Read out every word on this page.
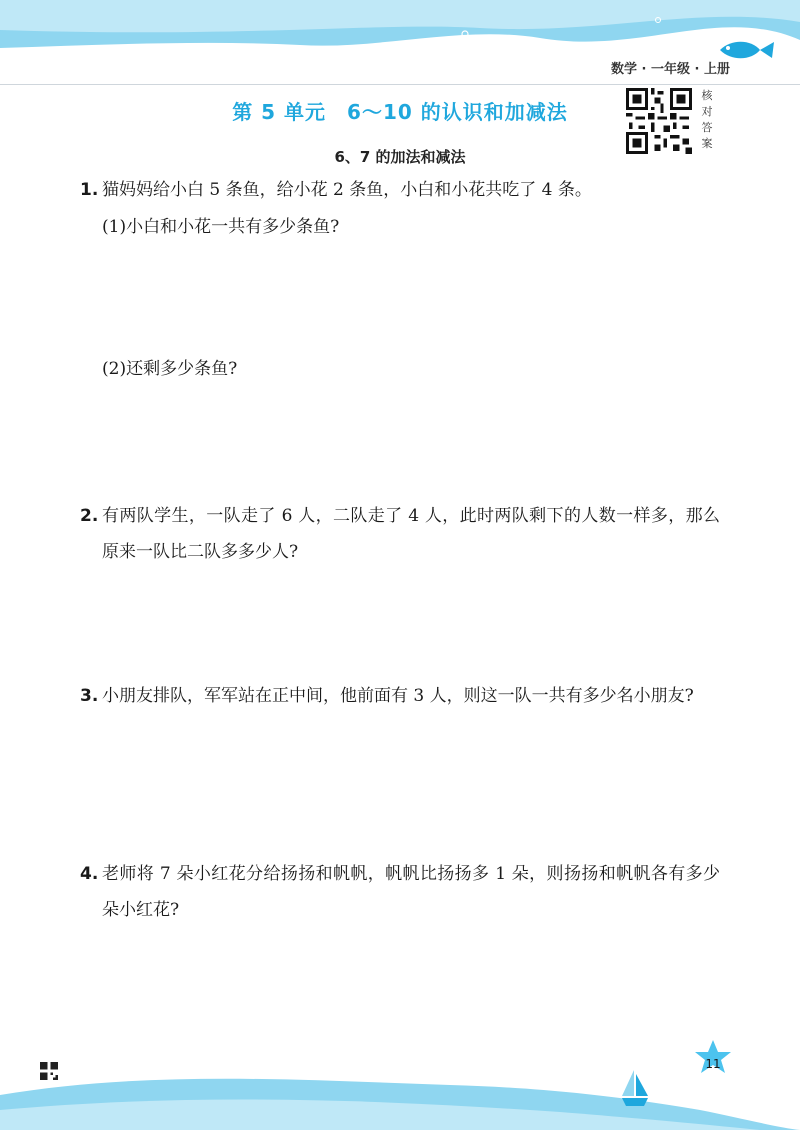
数学 · 一年级 · 上册
第 5 单元　6～10 的认识和加减法
核
对
答
案
6、7 的加法和减法
1. 猫妈妈给小白 5 条鱼，给小花 2 条鱼，小白和小花共吃了 4 条。
(1)小白和小花一共有多少条鱼?
(2)还剩多少条鱼?
2. 有两队学生，一队走了 6 人，二队走了 4 人，此时两队剩下的人数一样多，那么原来一队比二队多多少人?
3. 小朋友排队，军军站在正中间，他前面有 3 人，则这一队一共有多少名小朋友?
4. 老师将 7 朵小红花分给扬扬和帆帆，帆帆比扬扬多 1 朵，则扬扬和帆帆各有多少朵小红花?
11
